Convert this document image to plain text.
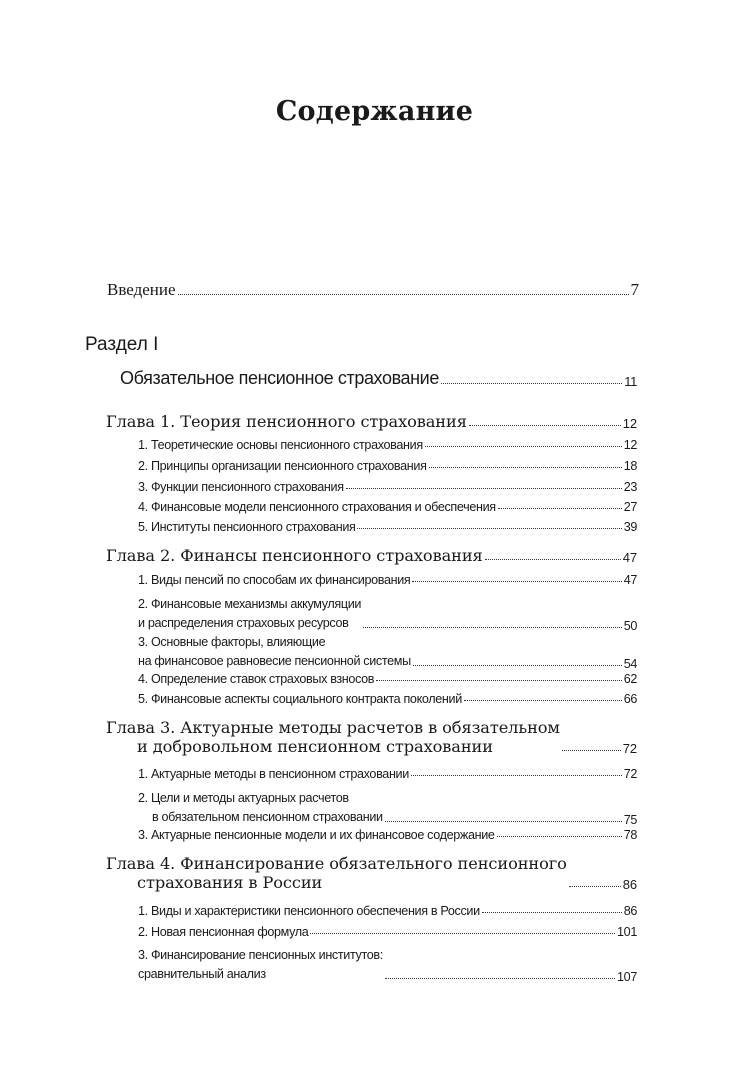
Содержание
Введение	7
Раздел I
Обязательное пенсионное страхование	11
Глава 1. Теория пенсионного страхования	12
1. Теоретические основы пенсионного страхования	12
2. Принципы организации пенсионного страхования	18
3. Функции пенсионного страхования	23
4. Финансовые модели пенсионного страхования и обеспечения	27
5. Институты пенсионного страхования	39
Глава 2. Финансы пенсионного страхования	47
1. Виды пенсий по способам их финансирования	47
2. Финансовые механизмы аккумуляции
и распределения страховых ресурсов	50
3. Основные факторы, влияющие
на финансовое равновесие пенсионной системы	54
4. Определение ставок страховых взносов	62
5. Финансовые аспекты социального контракта поколений	66
Глава 3. Актуарные методы расчетов в обязательном
и добровольном пенсионном страховании	72
1. Актуарные методы в пенсионном страховании	72
2. Цели и методы актуарных расчетов
в обязательном пенсионном страховании	75
3. Актуарные пенсионные модели и их финансовое содержание	78
Глава 4. Финансирование обязательного пенсионного
страхования в России	86
1. Виды и характеристики пенсионного обеспечения в России	86
2. Новая пенсионная формула	101
3. Финансирование пенсионных институтов:
сравнительный анализ	107
